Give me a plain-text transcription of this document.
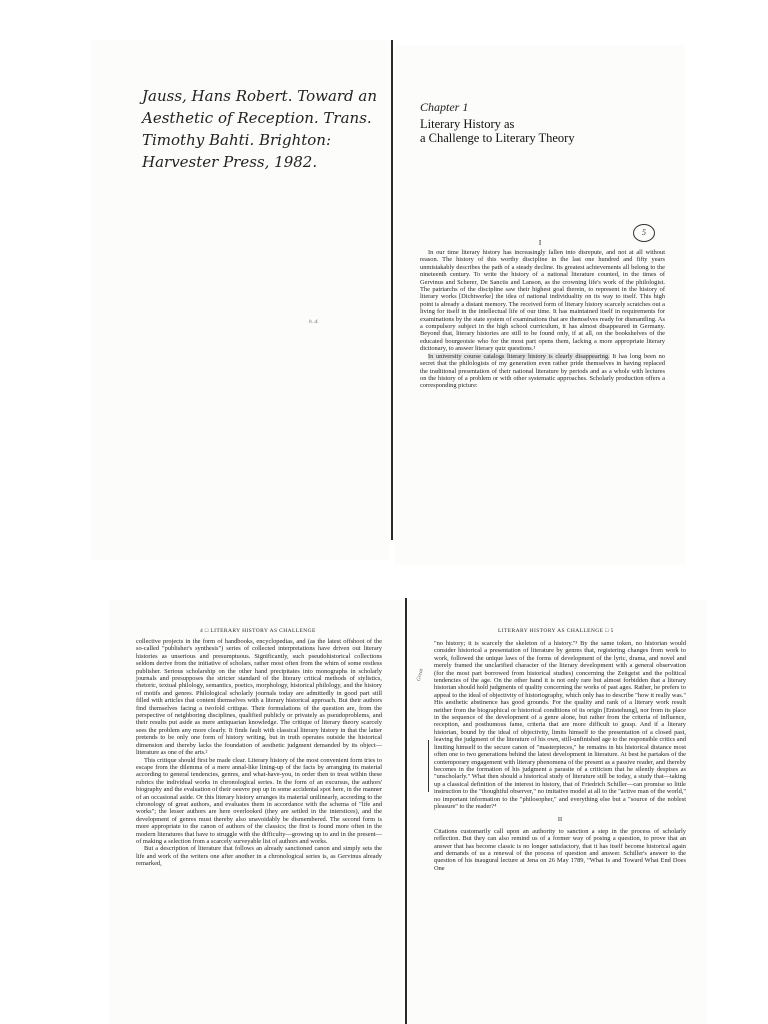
Jauss, Hans Robert. Toward an
Aesthetic of Reception. Trans.
Timothy Bahti. Brighton:
Harvester Press, 1982.
Chapter 1
Literary History as
a Challenge to Literary Theory
5
I
h. d.

In our time literary history has increasingly fallen into disrepute, and not at all without reason. The history of this worthy discipline in the last one hundred and fifty years unmistakably describes the path of a steady decline. Its greatest achievements all belong to the nineteenth century. To write the history of a national literature counted, in the times of Gervinus and Scherer, De Sanctis and Lanson, as the crowning life's work of the philologist. The patriarchs of the discipline saw their highest goal therein, to represent in the history of literary works [Dichtwerke] the idea of national individuality on its way to itself. This high point is already a distant memory. The received form of literary history scarcely scratches out a living for itself in the intellectual life of our time. It has maintained itself in requirements for examinations by the state system of examinations that are themselves ready for dismantling. As a compulsory subject in the high school curriculum, it has almost disappeared in Germany. Beyond that, literary histories are still to be found only, if at all, on the bookshelves of the educated bourgeoisie who for the most part opens them, lacking a more appropriate literary dictionary, to answer literary quiz questions.¹

In university course catalogs literary history is clearly disappearing. It has long been no secret that the philologists of my generation even rather pride themselves in having replaced the traditional presentation of their national literature by periods and as a whole with lectures on the history of a problem or with other systematic approaches. Scholarly production offers a corresponding picture:

4 □ LITERARY HISTORY AS CHALLENGE

collective projects in the form of handbooks, encyclopedias, and (as the latest offshoot of the so-called "publisher's synthesis") series of collected interpretations have driven out literary histories as unserious and presumptuous. Significantly, such pseudohistorical collections seldom derive from the initiative of scholars, rather most often from the whim of some restless publisher. Serious scholarship on the other hand precipitates into monographs in scholarly journals and presupposes the stricter standard of the literary critical methods of stylistics, rhetoric, textual philology, semantics, poetics, morphology, historical philology, and the history of motifs and genres. Philological scholarly journals today are admittedly in good part still filled with articles that content themselves with a literary historical approach. But their authors find themselves facing a twofold critique. Their formulations of the question are, from the perspective of neighboring disciplines, qualified publicly or privately as pseudoproblems, and their results put aside as mere antiquarian knowledge. The critique of literary theory scarcely sees the problem any more clearly. It finds fault with classical literary history in that the latter pretends to be only one form of history writing, but in truth operates outside the historical dimension and thereby lacks the foundation of aesthetic judgment demanded by its object—literature as one of the arts.²

This critique should first be made clear. Literary history of the most convenient form tries to escape from the dilemma of a mere annal-like lining-up of the facts by arranging its material according to general tendencies, genres, and what-have-you, in order then to treat within these rubrics the individual works in chronological series. In the form of an excursus, the authors' biography and the evaluation of their oeuvre pop up in some accidental spot here, in the manner of an occasional aside. Or this literary history arranges its material unilinearly, according to the chronology of great authors, and evaluates them in accordance with the schema of "life and works"; the lesser authors are here overlooked (they are settled in the interstices), and the development of genres must thereby also unavoidably be dismembered. The second form is more appropriate to the canon of authors of the classics; the first is found more often in the modern literatures that have to struggle with the difficulty—growing up to and in the present—of making a selection from a scarcely surveyable list of authors and works.

But a description of literature that follows an already sanctioned canon and simply sets the life and work of the writers one after another in a chronological series is, as Gervinus already remarked,

LITERARY HISTORY AS CHALLENGE □ 5
Great

"no history; it is scarcely the skeleton of a history."³ By the same token, no historian would consider historical a presentation of literature by genres that, registering changes from work to work, followed the unique laws of the forms of development of the lyric, drama, and novel and merely framed the unclarified character of the literary development with a general observation (for the most part borrowed from historical studies) concerning the Zeitgeist and the political tendencies of the age. On the other hand it is not only rare but almost forbidden that a literary historian should hold judgments of quality concerning the works of past ages. Rather, he prefers to appeal to the ideal of objectivity of historiography, which only has to describe "how it really was." His aesthetic abstinence has good grounds. For the quality and rank of a literary work result neither from the biographical or historical conditions of its origin [Entstehung], nor from its place in the sequence of the development of a genre alone, but rather from the criteria of influence, reception, and posthumous fame, criteria that are more difficult to grasp. And if a literary historian, bound by the ideal of objectivity, limits himself to the presentation of a closed past, leaving the judgment of the literature of his own, still-unfinished age to the responsible critics and limiting himself to the secure canon of "masterpieces," he remains in his historical distance most often one to two generations behind the latest development in literature. At best he partakes of the contemporary engagement with literary phenomena of the present as a passive reader, and thereby becomes in the formation of his judgment a parasite of a criticism that he silently despises as "unscholarly." What then should a historical study of literature still be today, a study that—taking up a classical definition of the interest in history, that of Friedrich Schiller—can promise so little instruction to the "thoughtful observer," no imitative model at all to the "active man of the world," no important information to the "philosopher," and everything else but a "source of the noblest pleasure" to the reader?⁴

II

Citations customarily call upon an authority to sanction a step in the process of scholarly reflection. But they can also remind us of a former way of posing a question, to prove that an answer that has become classic is no longer satisfactory, that it has itself become historical again and demands of us a renewal of the process of question and answer. Schiller's answer to the question of his inaugural lecture at Jena on 26 May 1789, "What Is and Toward What End Does One
